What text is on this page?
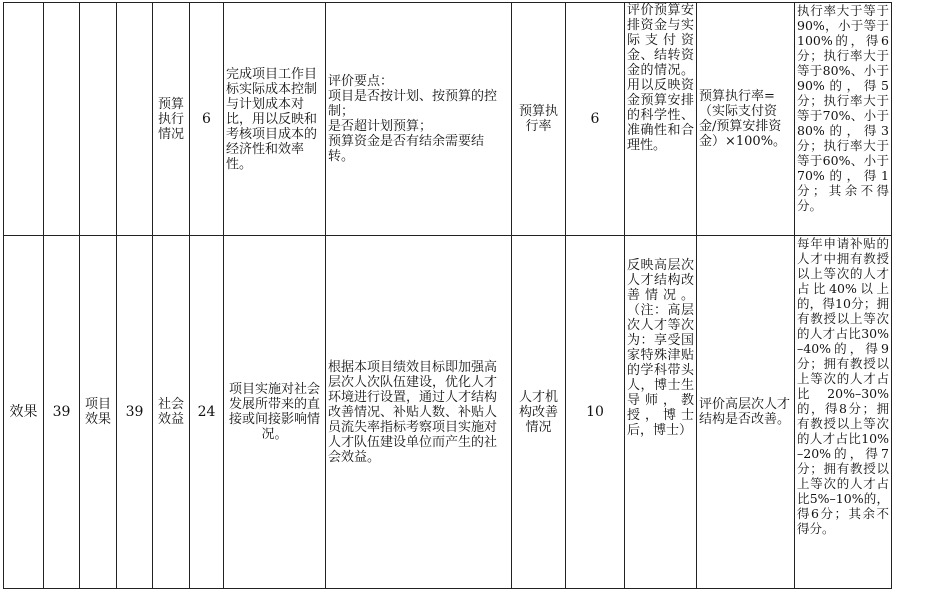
				预算执行情况	6	完成项目工作目标实际成本控制与计划成本对比，用以反映和考核项目成本的经济性和效率性。	评价要点：
项目是否按计划、按预算的控制；
是否超计划预算；
预算资金是否有结余需要结转。	预算执行率	6	评价预算安排资金与实际支付资金、结转资金的情况。用以反映资金预算安排的科学性、准确性和合理性。	预算执行率=（实际支付资金/预算安排资金）×100%。	执行率大于等于90%，小于等于100%的，得6分；执行率大于等于80%、小于90%的，得5分；执行率大于等于70%、小于80%的，得3分；执行率大于等于60%、小于70%的，得1分；其余不得分。
效果	39	项目效果	39	社会效益	24	项目实施对社会发展所带来的直接或间接影响情况。	根据本项目绩效目标即加强高层次人次队伍建设，优化人才环境进行设置，通过人才结构改善情况、补贴人数、补贴人员流失率指标考察项目实施对人才队伍建设单位而产生的社会效益。	人才机构改善情况	10	反映高层次人才结构改善情况。（注：高层次人才等次为：享受国家特殊津贴的学科带头人，博士生导师，教授，博士后，博士）	评价高层次人才结构是否改善。	每年申请补贴的人才中拥有教授以上等次的人才占比40%以上的，得10分；拥有教授以上等次的人才占比30%–40%的，得9分；拥有教授以上等次的人才占比20%–30%的，得8分；拥有教授以上等次的人才占比10%–20%的，得7分；拥有教授以上等次的人才占比5%–10%的，得6分；其余不得分。
